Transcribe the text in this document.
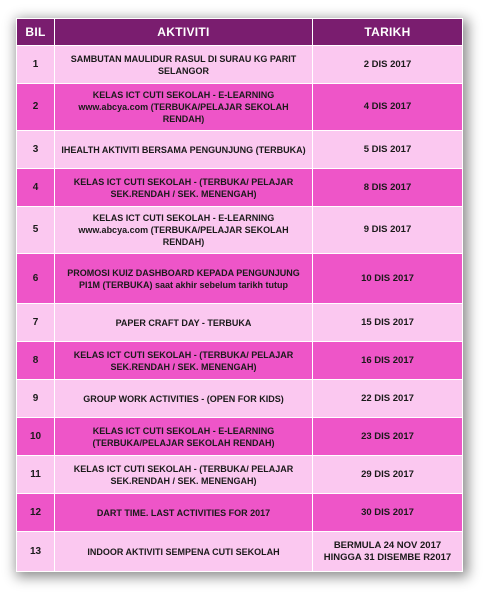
BIL	AKTIVITI	TARIKH
1	SAMBUTAN MAULIDUR RASUL DI SURAU KG PARIT SELANGOR	2 DIS 2017
2	KELAS ICT CUTI SEKOLAH - E-LEARNING www.abcya.com (TERBUKA/PELAJAR SEKOLAH RENDAH)	4 DIS 2017
3	IHEALTH AKTIVITI BERSAMA PENGUNJUNG (TERBUKA)	5 DIS 2017
4	KELAS ICT CUTI SEKOLAH - (TERBUKA/ PELAJAR SEK.RENDAH / SEK. MENENGAH)	8 DIS 2017
5	KELAS ICT CUTI SEKOLAH - E-LEARNING www.abcya.com (TERBUKA/PELAJAR SEKOLAH RENDAH)	9 DIS 2017
6	PROMOSI KUIZ DASHBOARD KEPADA PENGUNJUNG PI1M (TERBUKA) saat akhir sebelum tarikh tutup	10 DIS 2017
7	PAPER CRAFT DAY - TERBUKA	15 DIS 2017
8	KELAS ICT CUTI SEKOLAH - (TERBUKA/ PELAJAR SEK.RENDAH / SEK. MENENGAH)	16 DIS 2017
9	GROUP WORK ACTIVITIES - (OPEN FOR KIDS)	22 DIS 2017
10	KELAS ICT CUTI SEKOLAH - E-LEARNING (TERBUKA/PELAJAR SEKOLAH RENDAH)	23 DIS 2017
11	KELAS ICT CUTI SEKOLAH - (TERBUKA/ PELAJAR SEK.RENDAH / SEK. MENENGAH)	29 DIS 2017
12	DART TIME. LAST ACTIVITIES FOR 2017	30 DIS 2017
13	INDOOR AKTIVITI SEMPENA CUTI SEKOLAH	BERMULA 24 NOV 2017 HINGGA 31 DISEMBE R2017
